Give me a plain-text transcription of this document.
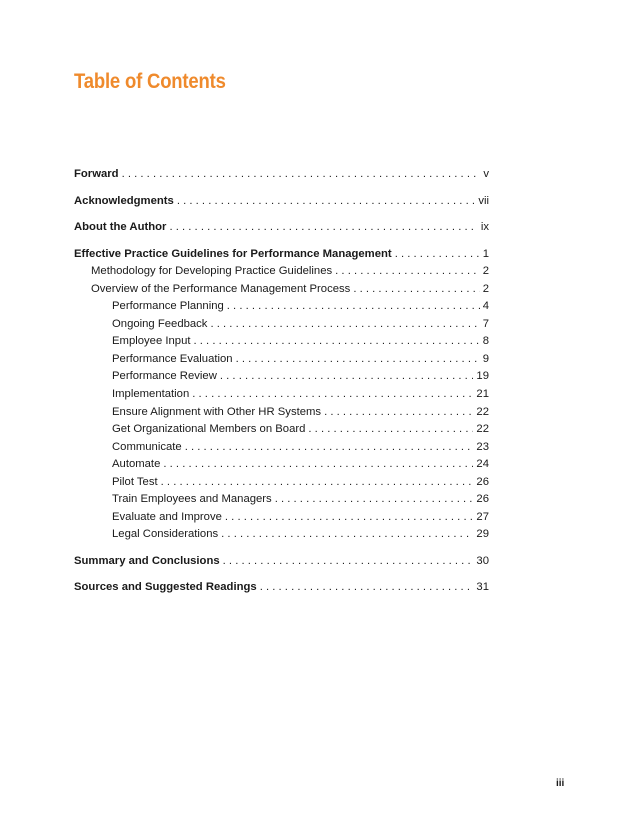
Table of Contents
Forward . . .	v
Acknowledgments . . .	vii
About the Author . . .	ix
Effective Practice Guidelines for Performance Management . . .	1
Methodology for Developing Practice Guidelines . . .	2
Overview of the Performance Management Process . . .	2
Performance Planning . . .	4
Ongoing Feedback . . .	7
Employee Input . . .	8
Performance Evaluation . . .	9
Performance Review . . .	19
Implementation . . .	21
Ensure Alignment with Other HR Systems . . .	22
Get Organizational Members on Board . . .	22
Communicate . . .	23
Automate . . .	24
Pilot Test . . .	26
Train Employees and Managers . . .	26
Evaluate and Improve . . .	27
Legal Considerations . . .	29
Summary and Conclusions . . .	30
Sources and Suggested Readings . . .	31
iii
